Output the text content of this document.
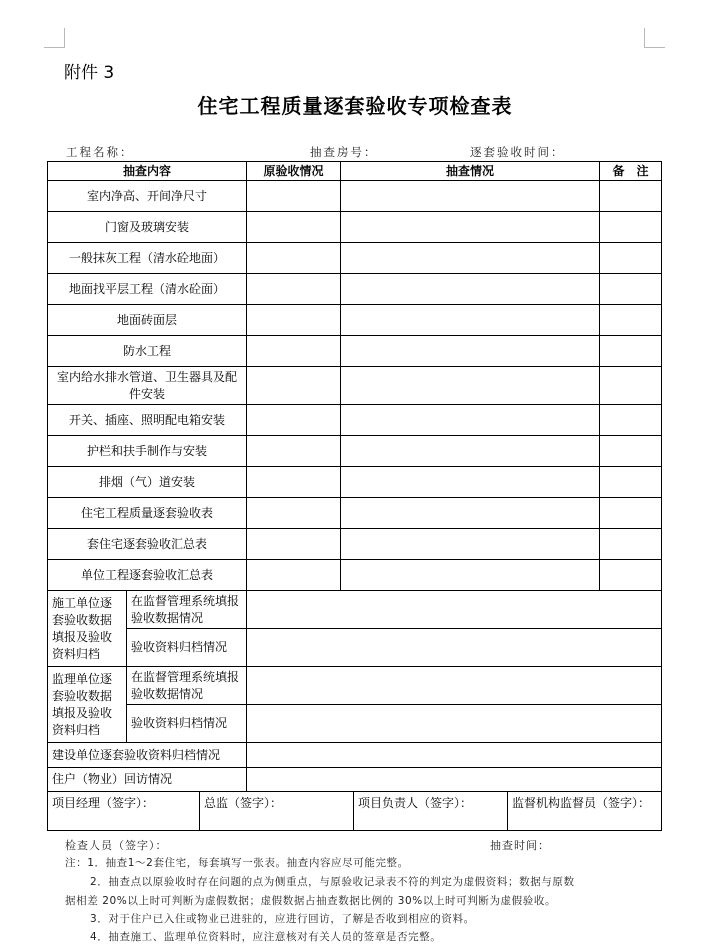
附件 3
住宅工程质量逐套验收专项检查表
工程名称：	抽查房号：	逐套验收时间：
抽查内容		原验收情况	抽查情况	备　注
室内净高、开间净尺寸				
门窗及玻璃安装				
一般抹灰工程（清水砼地面）				
地面找平层工程（清水砼面）				
地面砖面层				
防水工程				
室内给水排水管道、卫生器具及配件安装				
开关、插座、照明配电箱安装				
护栏和扶手制作与安装				
排烟（气）道安装				
住宅工程质量逐套验收表				
套住宅逐套验收汇总表				
单位工程逐套验收汇总表				
施工单位逐套验收数据填报及验收资料归档	在监督管理系统填报验收数据情况			
	验收资料归档情况			
监理单位逐套验收数据填报及验收资料归档	在监督管理系统填报验收数据情况			
	验收资料归档情况			
建设单位逐套验收资料归档情况				
住户（物业）回访情况				

项目经理（签字）： 总监（签字）： 项目负责人（签字）： 监督机构监督员（签字）：				
检查人员（签字）：	抽查时间：
注：1．抽查1～2套住宅，每套填写一张表。抽查内容应尽可能完整。
2．抽查点以原验收时存在问题的点为侧重点，与原验收记录表不符的判定为虚假资料；数据与原数
据相差 20%以上时可判断为虚假数据；虚假数据占抽查数据比例的 30%以上时可判断为虚假验收。
3．对于住户已入住或物业已进驻的，应进行回访，了解是否收到相应的资料。
4．抽查施工、监理单位资料时，应注意核对有关人员的签章是否完整。
